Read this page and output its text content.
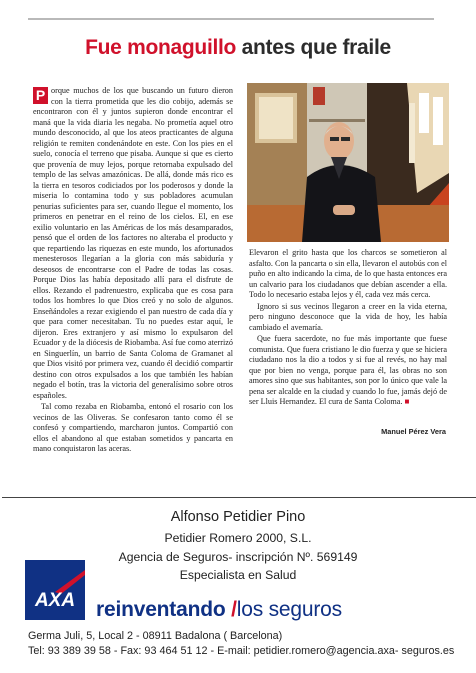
Fue monaguillo antes que fraile

P orque muchos de los que buscando un futuro dieron con la tierra prometida que les dio cobijo, además se encontraron con él y juntos supieron donde encontrar el maná que la vida diaria les negaba. No prometía aquel otro mundo desconocido, al que los ateos practicantes de alguna religión te remiten condenándote en este. Con los pies en el suelo, conocía el terreno que pisaba. Aunque si que es cierto que provenía de muy lejos, porque retornaba expulsado del templo de las selvas amazónicas. De allá, donde más rico es la tierra en tesoros codiciados por los poderosos y donde la miseria lo contamina todo y sus pobladores acumulan penurias suficientes para ser, cuando llegue el momento, los primeros en penetrar en el reino de los cielos. El, en ese exilio voluntario en las Américas de los más desamparados, pensó que el orden de los factores no alteraba el producto y que repartiendo las riquezas en este mundo, los afortunados menesterosos llegarían a la gloria con más sabiduría y deseosos de encontrarse con el Padre de todas las cosas. Porque Dios las había depositado allí para el disfrute de ellos. Rezando el padrenuestro, explicaba que es cosa para todos los hombres lo que Dios creó y no solo de algunos. Enseñándoles a rezar exigiendo el pan nuestro de cada día y que para comer necesitaban. Tu no puedes estar aquí, le dijeron. Eres extranjero y así mismo lo expulsaron del Ecuador y de la diócesis de Riobamba. Así fue como aterrizó en Singuerlín, un barrio de Santa Coloma de Gramanet al que Dios visitó por primera vez, cuando él decidió compartir destino con otros expulsados a los que también les habían negado el botín, tras la victoria del generalísimo sobre otros españoles.

Tal como rezaba en Riobamba, entonó el rosario con los vecinos de las Oliveras. Se confesaron tanto como él se confesó y compartiendo, marcharon juntos. Compartió con ellos el abandono al que estaban sometidos y pancarta en mano conquistaron las aceras.

Elevaron el grito hasta que los charcos se sometieron al asfalto. Con la pancarta o sin ella, llevaron el autobús con el puño en alto indicando la cima, de lo que hasta entonces era un calvario para los ciudadanos que debían ascender a ella. Todo lo necesario estaba lejos y él, cada vez más cerca.

Ignoro si sus vecinos llegaron a creer en la vida eterna, pero ninguno desconoce que la vida de hoy, les había cambiado el avemaría.

Que fuera sacerdote, no fue más importante que fuese comunista. Que fuera cristiano le dio fuerza y que se hiciera ciudadano nos la dio a todos y si fue al revés, no hay mal que por bien no venga, porque para él, las obras no son amores sino que sus habitantes, son por lo único que vale la pena ser alcalde en la ciudad y cuando lo fue, jamás dejó de ser Lluis Hernandez. El cura de Santa Coloma. ■

Manuel Pérez Vera
Alfonso Petidier Pino
Petidier Romero 2000, S.L.
Agencia de Seguros- inscripción Nº. 569149
Especialista en Salud
AXA reinventando /los seguros
Germa Juli, 5, Local 2 - 08911 Badalona ( Barcelona)
Tel: 93 389 39 58 - Fax: 93 464 51 12 - E-mail: petidier.romero@agencia.axa- seguros.es
